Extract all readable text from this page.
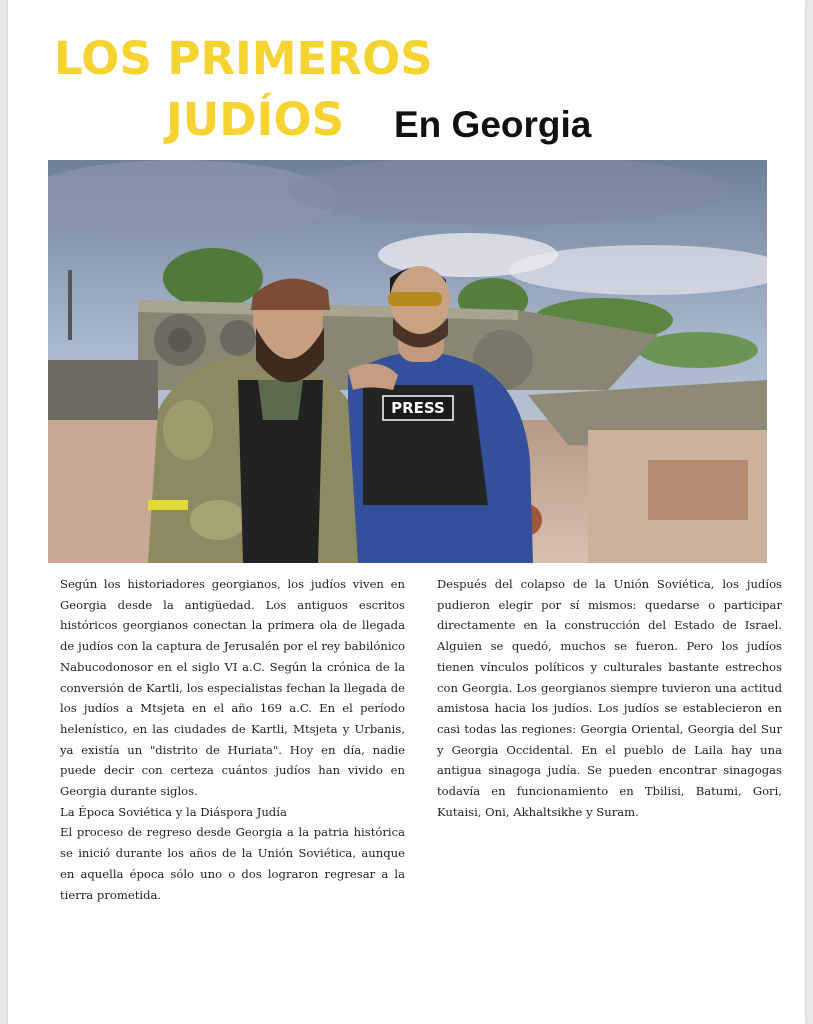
LOS PRIMEROS
JUDÍOS En Georgia
PRESS

Según los historiadores georgianos, los judíos viven en Georgia desde la antigüedad. Los antiguos escritos históricos georgianos conectan la primera ola de llegada de judíos con la captura de Jerusalén por el rey babilónico Nabucodonosor en el siglo VI a.C. Según la crónica de la conversión de Kartli, los especialistas fechan la llegada de los judíos a Mtsjeta en el año 169 a.C. En el período helenístico, en las ciudades de Kartli, Mtsjeta y Urbanis, ya existía un "distrito de Huriata". Hoy en día, nadie puede decir con certeza cuántos judíos han vivido en Georgia durante siglos.

La Época Soviética y la Diáspora Judía

El proceso de regreso desde Georgia a la patria histórica se inició durante los años de la Unión Soviética, aunque en aquella época sólo uno o dos lograron regresar a la tierra prometida.

Después del colapso de la Unión Soviética, los judíos pudieron elegir por sí mismos: quedarse o participar directamente en la construcción del Estado de Israel. Alguien se quedó, muchos se fueron. Pero los judíos tienen vínculos políticos y culturales bastante estrechos con Georgia. Los georgianos siempre tuvieron una actitud amistosa hacia los judíos. Los judíos se establecieron en casi todas las regiones: Georgia Oriental, Georgia del Sur y Georgia Occidental. En el pueblo de Laila hay una antigua sinagoga judía. Se pueden encontrar sinagogas todavía en funcionamiento en Tbilisi, Batumi, Gori, Kutaisi, Oni, Akhaltsikhe y Suram.
